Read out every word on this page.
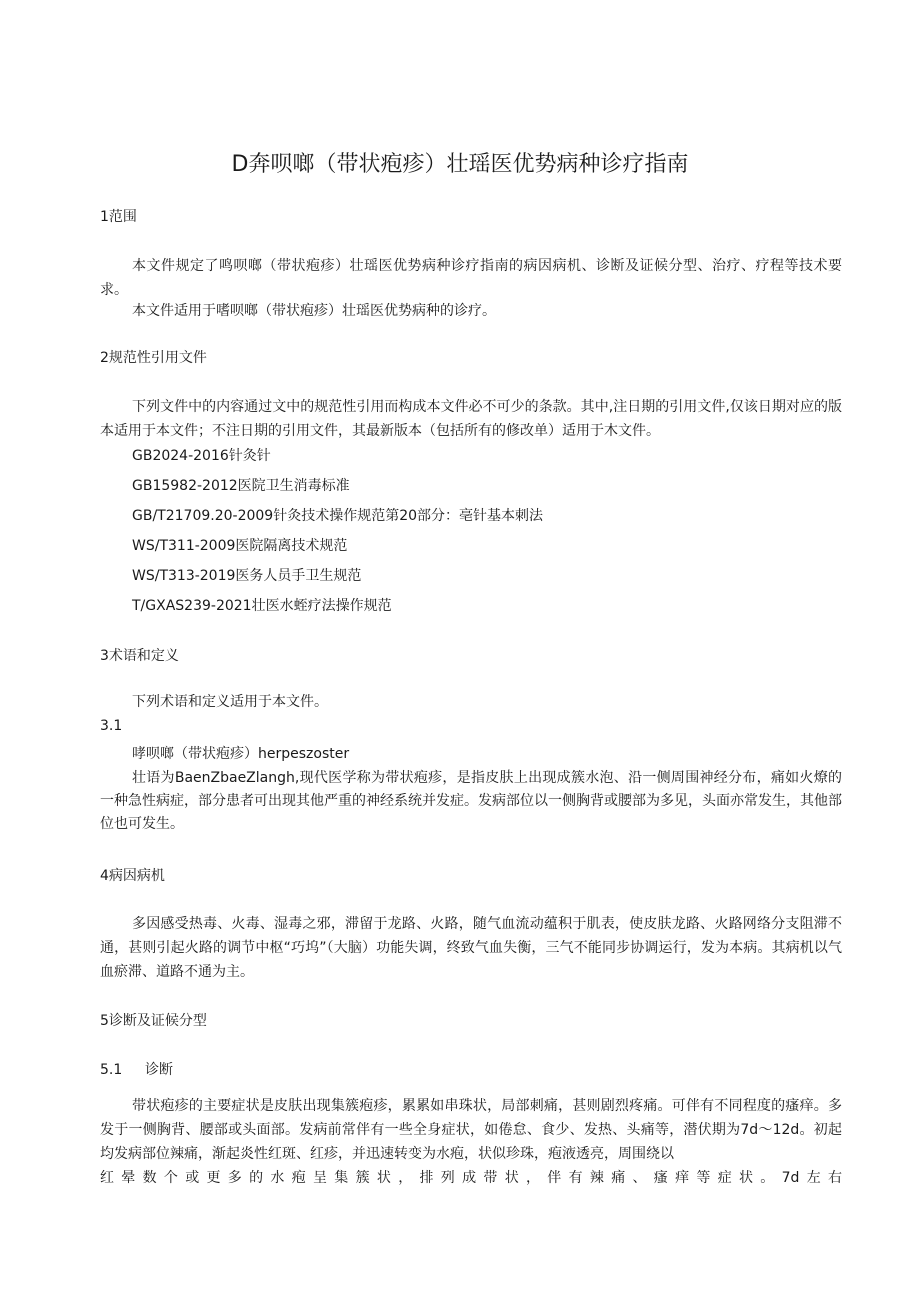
D奔呗啷（带状疱疹）壮瑶医优势病种诊疗指南
1范围
本文件规定了鸣呗啷（带状疱疹）壮瑶医优势病种诊疗指南的病因病机、诊断及证候分型、治疗、疗程等技术要求。
本文件适用于嗜呗啷（带状疱疹）壮瑶医优势病种的诊疗。
2规范性引用文件
下列文件中的内容通过文中的规范性引用而构成本文件必不可少的条款。其中,注日期的引用文件,仅该日期对应的版本适用于本文件；不注日期的引用文件，其最新版本（包括所有的修改单）适用于木文件。
GB2024-2016针灸针
GB15982-2012医院卫生消毒标准
GB/T21709.20-2009针灸技术操作规范第20部分：亳针基本刺法
WS/T311-2009医院隔离技术规范
WS/T313-2019医务人员手卫生规范
T/GXAS239-2021壮医水蛭疗法操作规范
3术语和定义
下列术语和定义适用于本文件。
3.1
哮呗啷（带状疱疹）herpeszoster
壮语为BaenZbaeZlangh,现代医学称为带状疱疹，是指皮肤上出现成簇水泡、沿一侧周围神经分布，痛如火燎的一种急性病症，部分患者可出现其他严重的神经系统并发症。发病部位以一侧胸背或腰部为多见，头面亦常发生，其他部位也可发生。
4病因病机
多因感受热毒、火毒、湿毒之邪，滞留于龙路、火路，随气血流动蕴积于肌表，使皮肤龙路、火路网络分支阻滞不通，甚则引起火路的调节中枢“巧坞”（大脑）功能失调，终致气血失衡，三气不能同步协调运行，发为本病。其病机以气血瘀滞、道路不通为主。
5诊断及证候分型
5.1 诊断
带状疱疹的主要症状是皮肤出现集簇疱疹，累累如串珠状，局部刺痛，甚则剧烈疼痛。可伴有不同程度的瘙痒。多发于一侧胸背、腰部或头面部。发病前常伴有一些全身症状，如倦怠、食少、发热、头痛等，潜伏期为7d～12d。初起均发病部位辣痛，渐起炎性红斑、红疹，并迅速转变为水疱，状似珍珠，疱液透亮，周围绕以
红晕数个或更多的水疱呈集簇状，排列成带状，伴有辣痛、瘙痒等症状。7d左右
